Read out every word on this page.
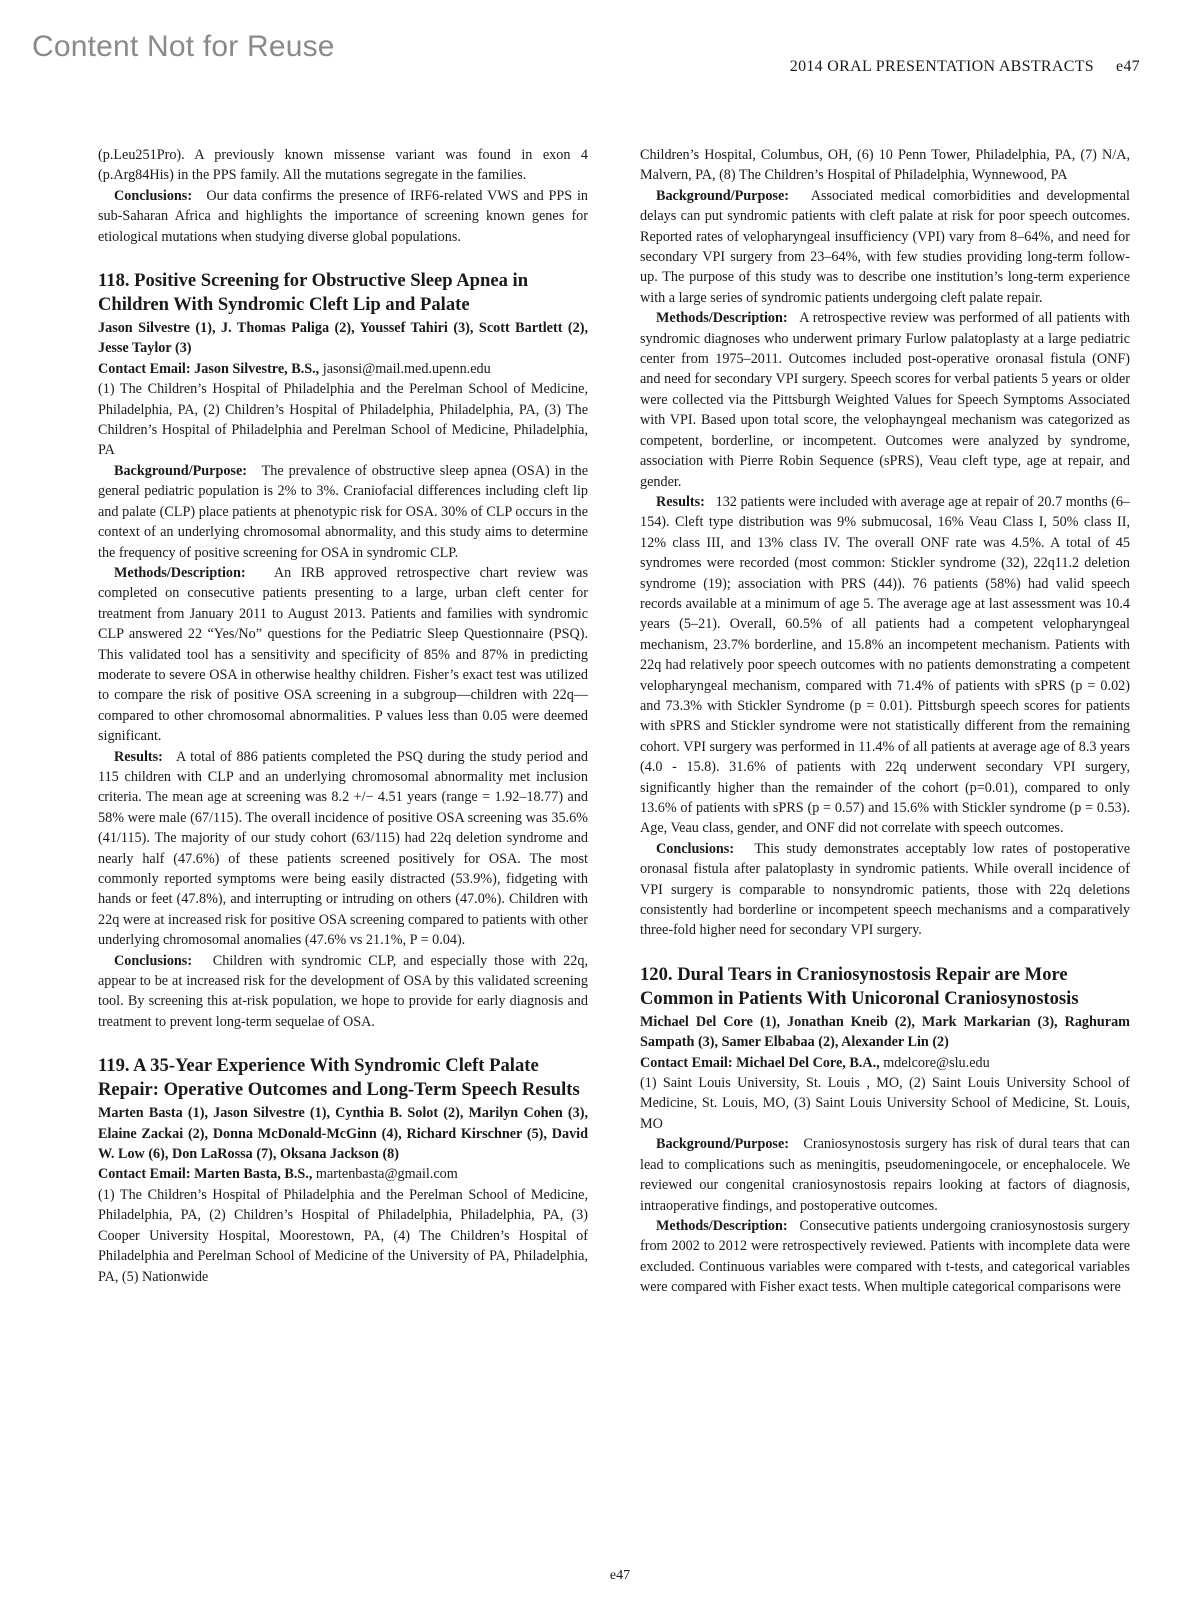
Content Not for Reuse
2014 ORAL PRESENTATION ABSTRACTS e47

(p.Leu251Pro). A previously known missense variant was found in exon 4 (p.Arg84His) in the PPS family. All the mutations segregate in the families.

Conclusions: Our data confirms the presence of IRF6-related VWS and PPS in sub-Saharan Africa and highlights the importance of screening known genes for etiological mutations when studying diverse global populations.

118. Positive Screening for Obstructive Sleep Apnea in Children With Syndromic Cleft Lip and Palate

Jason Silvestre (1), J. Thomas Paliga (2), Youssef Tahiri (3), Scott Bartlett (2), Jesse Taylor (3)

Contact Email: Jason Silvestre, B.S., jasonsi@mail.med.upenn.edu

(1) The Children’s Hospital of Philadelphia and the Perelman School of Medicine, Philadelphia, PA, (2) Children’s Hospital of Philadelphia, Philadelphia, PA, (3) The Children’s Hospital of Philadelphia and Perelman School of Medicine, Philadelphia, PA

Background/Purpose: The prevalence of obstructive sleep apnea (OSA) in the general pediatric population is 2% to 3%. Craniofacial differences including cleft lip and palate (CLP) place patients at phenotypic risk for OSA. 30% of CLP occurs in the context of an underlying chromosomal abnormality, and this study aims to determine the frequency of positive screening for OSA in syndromic CLP.

Methods/Description: An IRB approved retrospective chart review was completed on consecutive patients presenting to a large, urban cleft center for treatment from January 2011 to August 2013. Patients and families with syndromic CLP answered 22 “Yes/No” questions for the Pediatric Sleep Questionnaire (PSQ). This validated tool has a sensitivity and specificity of 85% and 87% in predicting moderate to severe OSA in otherwise healthy children. Fisher’s exact test was utilized to compare the risk of positive OSA screening in a subgroup—children with 22q—compared to other chromosomal abnormalities. P values less than 0.05 were deemed significant.

Results: A total of 886 patients completed the PSQ during the study period and 115 children with CLP and an underlying chromosomal abnormality met inclusion criteria. The mean age at screening was 8.2 +/− 4.51 years (range = 1.92–18.77) and 58% were male (67/115). The overall incidence of positive OSA screening was 35.6% (41/115). The majority of our study cohort (63/115) had 22q deletion syndrome and nearly half (47.6%) of these patients screened positively for OSA. The most commonly reported symptoms were being easily distracted (53.9%), fidgeting with hands or feet (47.8%), and interrupting or intruding on others (47.0%). Children with 22q were at increased risk for positive OSA screening compared to patients with other underlying chromosomal anomalies (47.6% vs 21.1%, P = 0.04).

Conclusions: Children with syndromic CLP, and especially those with 22q, appear to be at increased risk for the development of OSA by this validated screening tool. By screening this at-risk population, we hope to provide for early diagnosis and treatment to prevent long-term sequelae of OSA.

119. A 35-Year Experience With Syndromic Cleft Palate Repair: Operative Outcomes and Long-Term Speech Results

Marten Basta (1), Jason Silvestre (1), Cynthia B. Solot (2), Marilyn Cohen (3), Elaine Zackai (2), Donna McDonald-McGinn (4), Richard Kirschner (5), David W. Low (6), Don LaRossa (7), Oksana Jackson (8)

Contact Email: Marten Basta, B.S., martenbasta@gmail.com

(1) The Children’s Hospital of Philadelphia and the Perelman School of Medicine, Philadelphia, PA, (2) Children’s Hospital of Philadelphia, Philadelphia, PA, (3) Cooper University Hospital, Moorestown, PA, (4) The Children’s Hospital of Philadelphia and Perelman School of Medicine of the University of PA, Philadelphia, PA, (5) Nationwide

Children’s Hospital, Columbus, OH, (6) 10 Penn Tower, Philadelphia, PA, (7) N/A, Malvern, PA, (8) The Children’s Hospital of Philadelphia, Wynnewood, PA

Background/Purpose: Associated medical comorbidities and developmental delays can put syndromic patients with cleft palate at risk for poor speech outcomes. Reported rates of velopharyngeal insufficiency (VPI) vary from 8–64%, and need for secondary VPI surgery from 23–64%, with few studies providing long-term follow-up. The purpose of this study was to describe one institution’s long-term experience with a large series of syndromic patients undergoing cleft palate repair.

Methods/Description: A retrospective review was performed of all patients with syndromic diagnoses who underwent primary Furlow palatoplasty at a large pediatric center from 1975–2011. Outcomes included post-operative oronasal fistula (ONF) and need for secondary VPI surgery. Speech scores for verbal patients 5 years or older were collected via the Pittsburgh Weighted Values for Speech Symptoms Associated with VPI. Based upon total score, the velophayngeal mechanism was categorized as competent, borderline, or incompetent. Outcomes were analyzed by syndrome, association with Pierre Robin Sequence (sPRS), Veau cleft type, age at repair, and gender.

Results: 132 patients were included with average age at repair of 20.7 months (6–154). Cleft type distribution was 9% submucosal, 16% Veau Class I, 50% class II, 12% class III, and 13% class IV. The overall ONF rate was 4.5%. A total of 45 syndromes were recorded (most common: Stickler syndrome (32), 22q11.2 deletion syndrome (19); association with PRS (44)). 76 patients (58%) had valid speech records available at a minimum of age 5. The average age at last assessment was 10.4 years (5–21). Overall, 60.5% of all patients had a competent velopharyngeal mechanism, 23.7% borderline, and 15.8% an incompetent mechanism. Patients with 22q had relatively poor speech outcomes with no patients demonstrating a competent velopharyngeal mechanism, compared with 71.4% of patients with sPRS (p = 0.02) and 73.3% with Stickler Syndrome (p = 0.01). Pittsburgh speech scores for patients with sPRS and Stickler syndrome were not statistically different from the remaining cohort. VPI surgery was performed in 11.4% of all patients at average age of 8.3 years (4.0 - 15.8). 31.6% of patients with 22q underwent secondary VPI surgery, significantly higher than the remainder of the cohort (p=0.01), compared to only 13.6% of patients with sPRS (p = 0.57) and 15.6% with Stickler syndrome (p = 0.53). Age, Veau class, gender, and ONF did not correlate with speech outcomes.

Conclusions: This study demonstrates acceptably low rates of postoperative oronasal fistula after palatoplasty in syndromic patients. While overall incidence of VPI surgery is comparable to nonsyndromic patients, those with 22q deletions consistently had borderline or incompetent speech mechanisms and a comparatively three-fold higher need for secondary VPI surgery.

120. Dural Tears in Craniosynostosis Repair are More Common in Patients With Unicoronal Craniosynostosis

Michael Del Core (1), Jonathan Kneib (2), Mark Markarian (3), Raghuram Sampath (3), Samer Elbabaa (2), Alexander Lin (2)

Contact Email: Michael Del Core, B.A., mdelcore@slu.edu

(1) Saint Louis University, St. Louis , MO, (2) Saint Louis University School of Medicine, St. Louis, MO, (3) Saint Louis University School of Medicine, St. Louis, MO

Background/Purpose: Craniosynostosis surgery has risk of dural tears that can lead to complications such as meningitis, pseudomeningocele, or encephalocele. We reviewed our congenital craniosynostosis repairs looking at factors of diagnosis, intraoperative findings, and postoperative outcomes.

Methods/Description: Consecutive patients undergoing craniosynostosis surgery from 2002 to 2012 were retrospectively reviewed. Patients with incomplete data were excluded. Continuous variables were compared with t-tests, and categorical variables were compared with Fisher exact tests. When multiple categorical comparisons were

e47
